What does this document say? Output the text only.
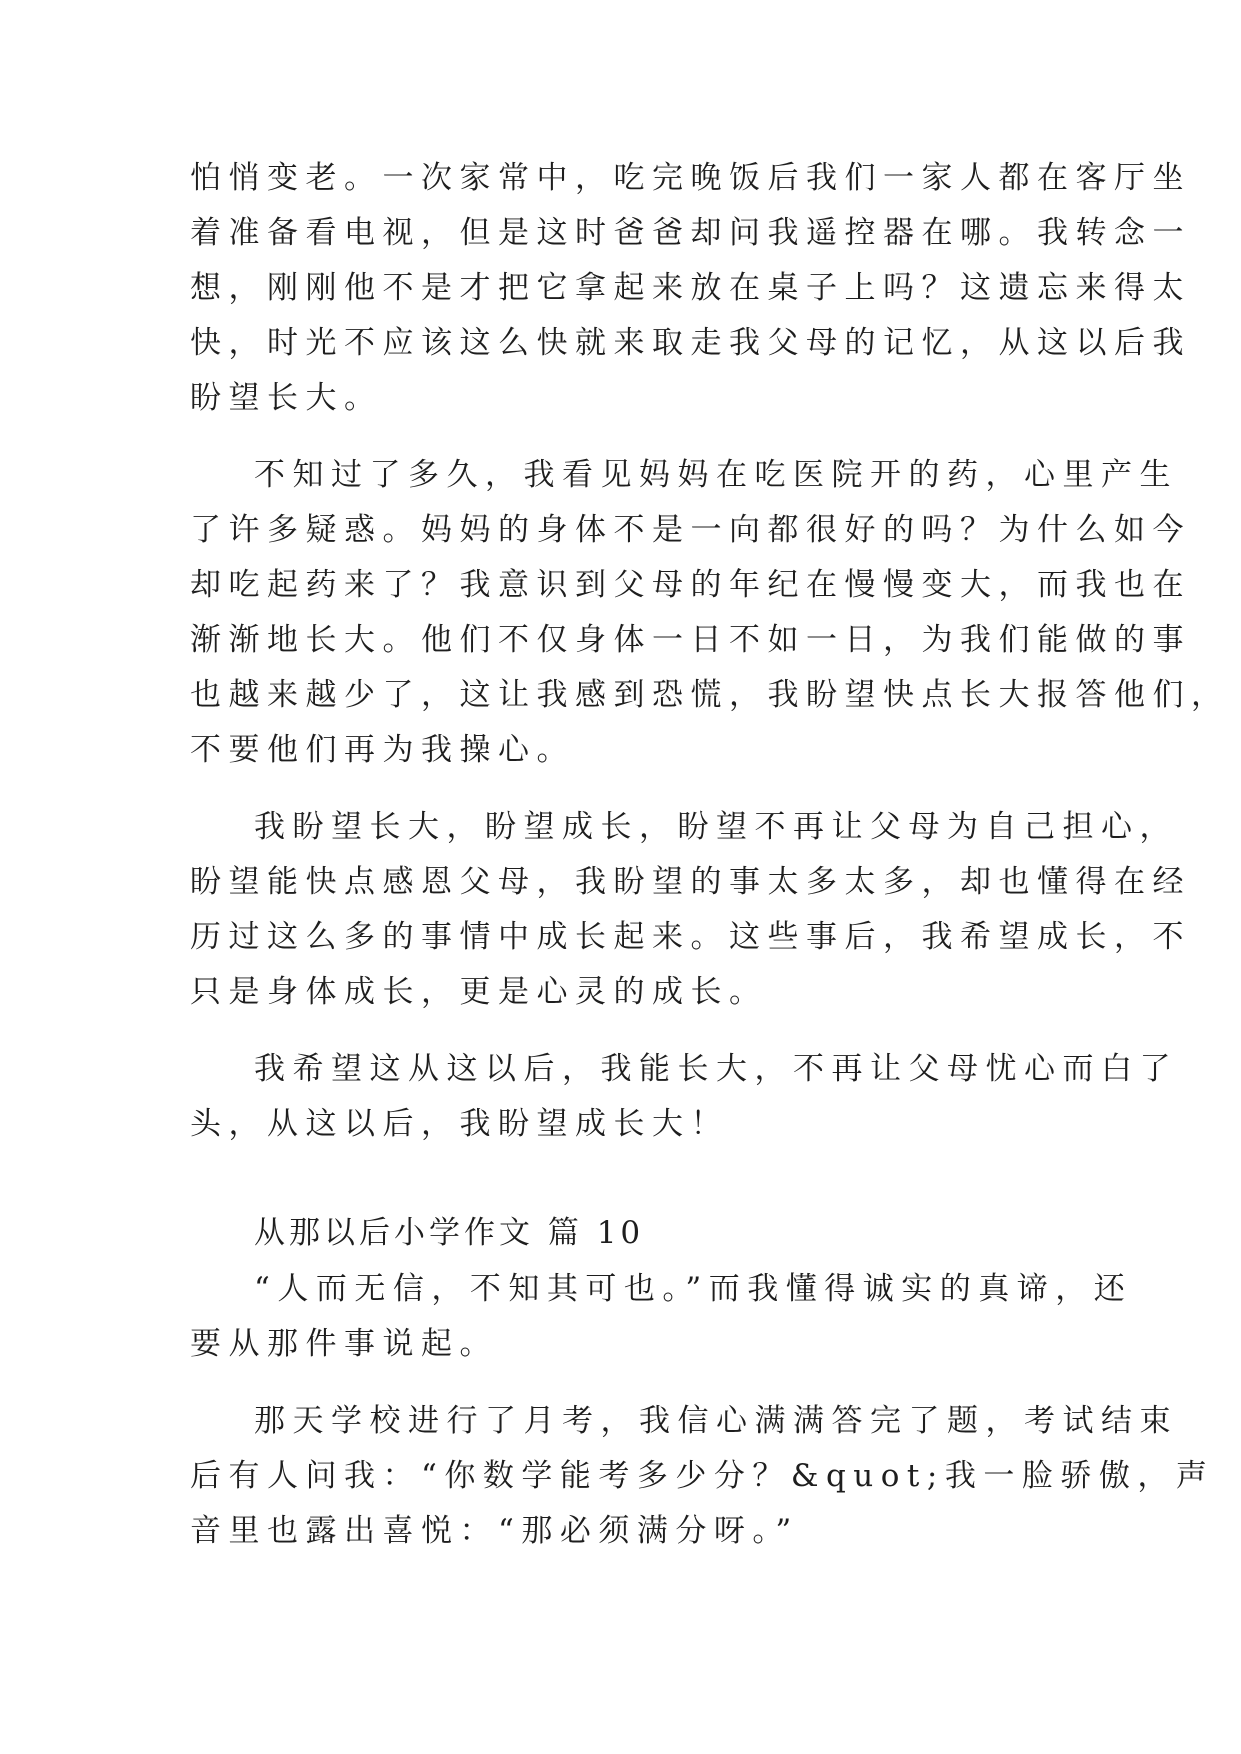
怕悄变老。一次家常中，吃完晚饭后我们一家人都在客厅坐
着准备看电视，但是这时爸爸却问我遥控器在哪。我转念一
想，刚刚他不是才把它拿起来放在桌子上吗？这遗忘来得太
快，时光不应该这么快就来取走我父母的记忆，从这以后我
盼望长大。
不知过了多久，我看见妈妈在吃医院开的药，心里产生
了许多疑惑。妈妈的身体不是一向都很好的吗？为什么如今
却吃起药来了？我意识到父母的年纪在慢慢变大，而我也在
渐渐地长大。他们不仅身体一日不如一日，为我们能做的事
也越来越少了，这让我感到恐慌，我盼望快点长大报答他们，
不要他们再为我操心。
我盼望长大，盼望成长，盼望不再让父母为自己担心，
盼望能快点感恩父母，我盼望的事太多太多，却也懂得在经
历过这么多的事情中成长起来。这些事后，我希望成长，不
只是身体成长，更是心灵的成长。
我希望这从这以后，我能长大，不再让父母忧心而白了
头，从这以后，我盼望成长大！
从那以后小学作文 篇 10
“人而无信，不知其可也。”而我懂得诚实的真谛，还
要从那件事说起。
那天学校进行了月考，我信心满满答完了题，考试结束
后有人问我：“你数学能考多少分？&quot;我一脸骄傲，声
音里也露出喜悦：“那必须满分呀。”
